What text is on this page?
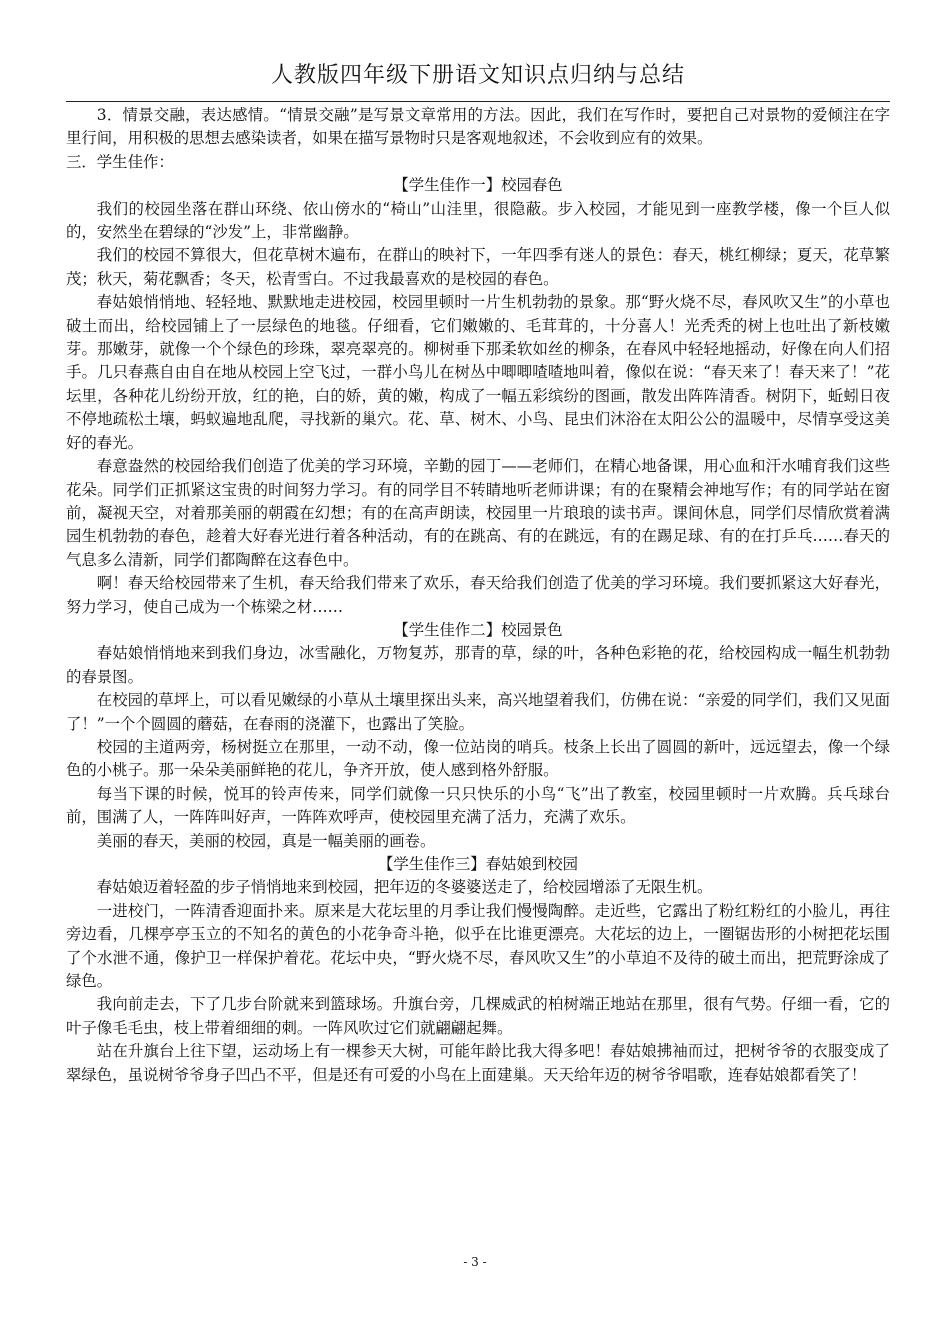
人教版四年级下册语文知识点归纳与总结

3．情景交融，表达感情。“情景交融”是写景文章常用的方法。因此，我们在写作时，要把自己对景物的爱倾注在字里行间，用积极的思想去感染读者，如果在描写景物时只是客观地叙述，不会收到应有的效果。

三．学生佳作：

【学生佳作一】校园春色

我们的校园坐落在群山环绕、依山傍水的“椅山”山洼里，很隐蔽。步入校园，才能见到一座教学楼，像一个巨人似的，安然坐在碧绿的“沙发”上，非常幽静。

我们的校园不算很大，但花草树木遍布，在群山的映衬下，一年四季有迷人的景色：春天，桃红柳绿；夏天，花草繁茂；秋天，菊花飘香；冬天，松青雪白。不过我最喜欢的是校园的春色。

春姑娘悄悄地、轻轻地、默默地走进校园，校园里顿时一片生机勃勃的景象。那“野火烧不尽，春风吹又生”的小草也破土而出，给校园铺上了一层绿色的地毯。仔细看，它们嫩嫩的、毛茸茸的，十分喜人！光秃秃的树上也吐出了新枝嫩芽。那嫩芽，就像一个个绿色的珍珠，翠亮翠亮的。柳树垂下那柔软如丝的柳条，在春风中轻轻地摇动，好像在向人们招手。几只春燕自由自在地从校园上空飞过，一群小鸟儿在树丛中唧唧喳喳地叫着，像似在说：“春天来了！春天来了！”花坛里，各种花儿纷纷开放，红的艳，白的娇，黄的嫩，构成了一幅五彩缤纷的图画，散发出阵阵清香。树阴下，蚯蚓日夜不停地疏松土壤，蚂蚁遍地乱爬，寻找新的巢穴。花、草、树木、小鸟、昆虫们沐浴在太阳公公的温暖中，尽情享受这美好的春光。

春意盎然的校园给我们创造了优美的学习环境，辛勤的园丁——老师们，在精心地备课，用心血和汗水哺育我们这些花朵。同学们正抓紧这宝贵的时间努力学习。有的同学目不转睛地听老师讲课；有的在聚精会神地写作；有的同学站在窗前，凝视天空，对着那美丽的朝霞在幻想；有的在高声朗读，校园里一片琅琅的读书声。课间休息，同学们尽情欣赏着满园生机勃勃的春色，趁着大好春光进行着各种活动，有的在跳高、有的在跳远，有的在踢足球、有的在打乒乓……春天的气息多么清新，同学们都陶醉在这春色中。

啊！春天给校园带来了生机，春天给我们带来了欢乐，春天给我们创造了优美的学习环境。我们要抓紧这大好春光，努力学习，使自己成为一个栋梁之材……

【学生佳作二】校园景色

春姑娘悄悄地来到我们身边，冰雪融化，万物复苏，那青的草，绿的叶，各种色彩艳的花，给校园构成一幅生机勃勃的春景图。

在校园的草坪上，可以看见嫩绿的小草从土壤里探出头来，高兴地望着我们，仿佛在说：“亲爱的同学们，我们又见面了！”一个个圆圆的蘑菇，在春雨的浇灌下，也露出了笑脸。

校园的主道两旁，杨树挺立在那里，一动不动，像一位站岗的哨兵。枝条上长出了圆圆的新叶，远远望去，像一个绿色的小桃子。那一朵朵美丽鲜艳的花儿，争齐开放，使人感到格外舒服。

每当下课的时候，悦耳的铃声传来，同学们就像一只只快乐的小鸟“飞”出了教室，校园里顿时一片欢腾。兵乓球台前，围满了人，一阵阵叫好声，一阵阵欢呼声，使校园里充满了活力，充满了欢乐。

美丽的春天，美丽的校园，真是一幅美丽的画卷。

【学生佳作三】春姑娘到校园

春姑娘迈着轻盈的步子悄悄地来到校园，把年迈的冬婆婆送走了，给校园增添了无限生机。

一进校门，一阵清香迎面扑来。原来是大花坛里的月季让我们慢慢陶醉。走近些，它露出了粉红粉红的小脸儿，再往旁边看，几棵亭亭玉立的不知名的黄色的小花争奇斗艳，似乎在比谁更漂亮。大花坛的边上，一圈锯齿形的小树把花坛围了个水泄不通，像护卫一样保护着花。花坛中央，“野火烧不尽，春风吹又生”的小草迫不及待的破土而出，把荒野涂成了绿色。

我向前走去，下了几步台阶就来到篮球场。升旗台旁，几棵威武的柏树端正地站在那里，很有气势。仔细一看，它的叶子像毛毛虫，枝上带着细细的刺。一阵风吹过它们就翩翩起舞。

站在升旗台上往下望，运动场上有一棵参天大树，可能年龄比我大得多吧！春姑娘拂袖而过，把树爷爷的衣服变成了翠绿色，虽说树爷爷身子凹凸不平，但是还有可爱的小鸟在上面建巢。天天给年迈的树爷爷唱歌，连春姑娘都看笑了！

- 3 -
